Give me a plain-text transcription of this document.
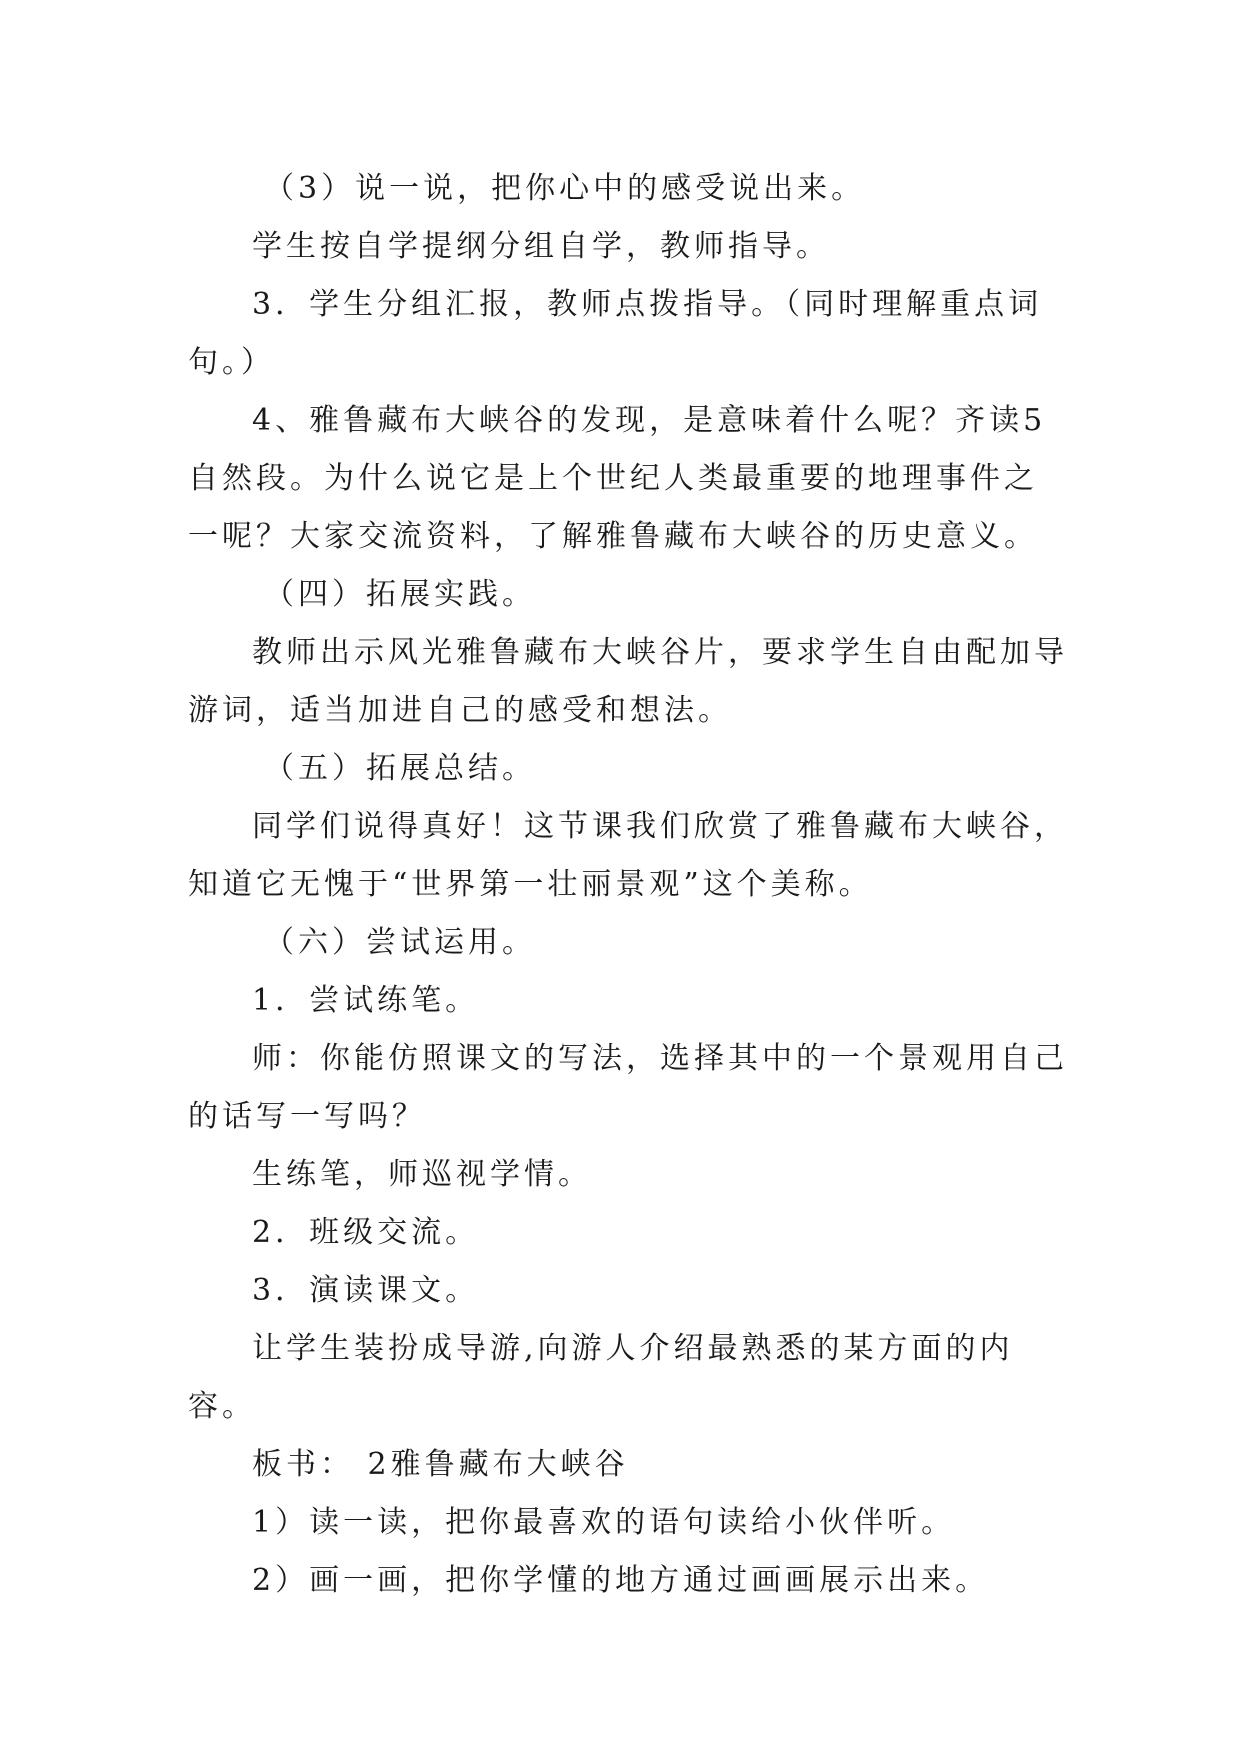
（3）说一说，把你心中的感受说出来。

学生按自学提纲分组自学，教师指导。

3．学生分组汇报，教师点拨指导。（同时理解重点词句。）

4、雅鲁藏布大峡谷的发现，是意味着什么呢？齐读5自然段。为什么说它是上个世纪人类最重要的地理事件之一呢？大家交流资料，了解雅鲁藏布大峡谷的历史意义。

（四）拓展实践。

教师出示风光雅鲁藏布大峡谷片，要求学生自由配加导游词，适当加进自己的感受和想法。

（五）拓展总结。

同学们说得真好！这节课我们欣赏了雅鲁藏布大峡谷，知道它无愧于“世界第一壮丽景观”这个美称。

（六）尝试运用。

1．尝试练笔。

师：你能仿照课文的写法，选择其中的一个景观用自己的话写一写吗？

生练笔，师巡视学情。

2．班级交流。

3．演读课文。

让学生装扮成导游,向游人介绍最熟悉的某方面的内容。

板书： 2雅鲁藏布大峡谷

1）读一读，把你最喜欢的语句读给小伙伴听。

2）画一画，把你学懂的地方通过画画展示出来。
